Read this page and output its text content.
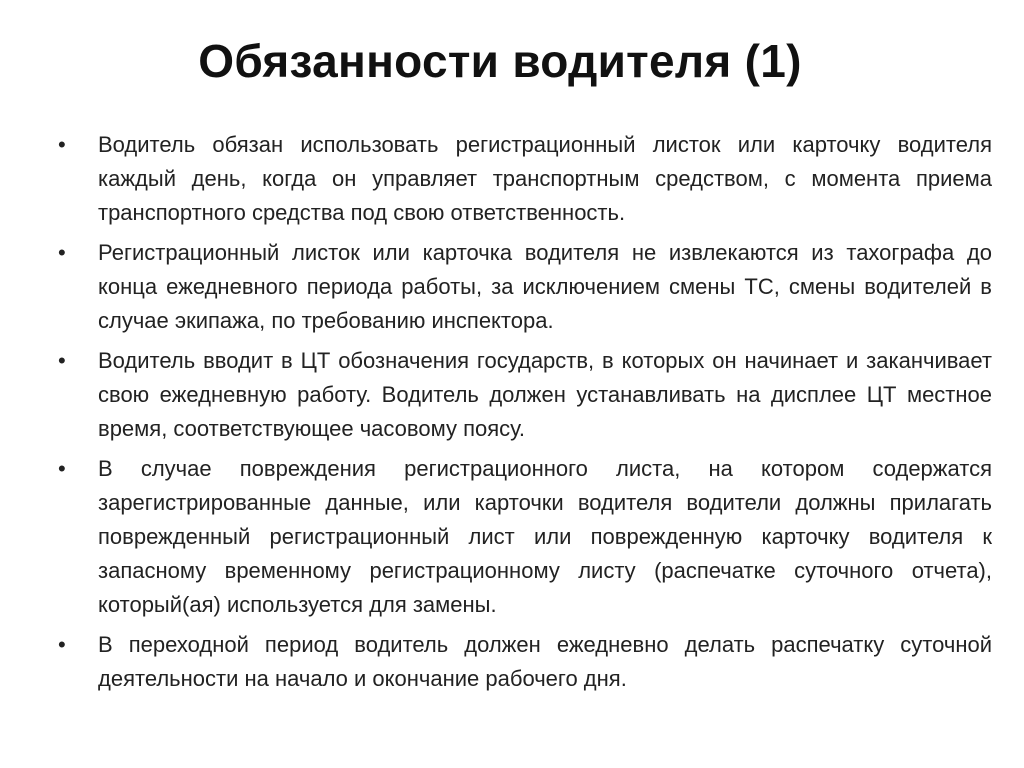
Обязанности водителя (1)
•	Водитель обязан использовать регистрационный листок или карточку водителя каждый день, когда он управляет транспортным средством, с момента приема транспортного средства под свою ответственность.
•	Регистрационный листок или карточка водителя не извлекаются из тахографа до конца ежедневного периода работы, за исключением смены ТС, смены водителей в случае экипажа, по требованию инспектора.
•	Водитель вводит в ЦТ обозначения государств, в которых он начинает и заканчивает свою ежедневную работу. Водитель должен устанавливать на дисплее ЦТ местное время, соответствующее часовому поясу.
•	В случае повреждения регистрационного листа, на котором содержатся зарегистрированные данные, или карточки водителя водители должны прилагать поврежденный регистрационный лист или поврежденную карточку водителя к запасному временному регистрационному листу (распечатке суточного отчета), который(ая) используется для замены.
•	В переходной период водитель должен ежедневно делать распечатку суточной деятельности на начало и окончание рабочего дня.
